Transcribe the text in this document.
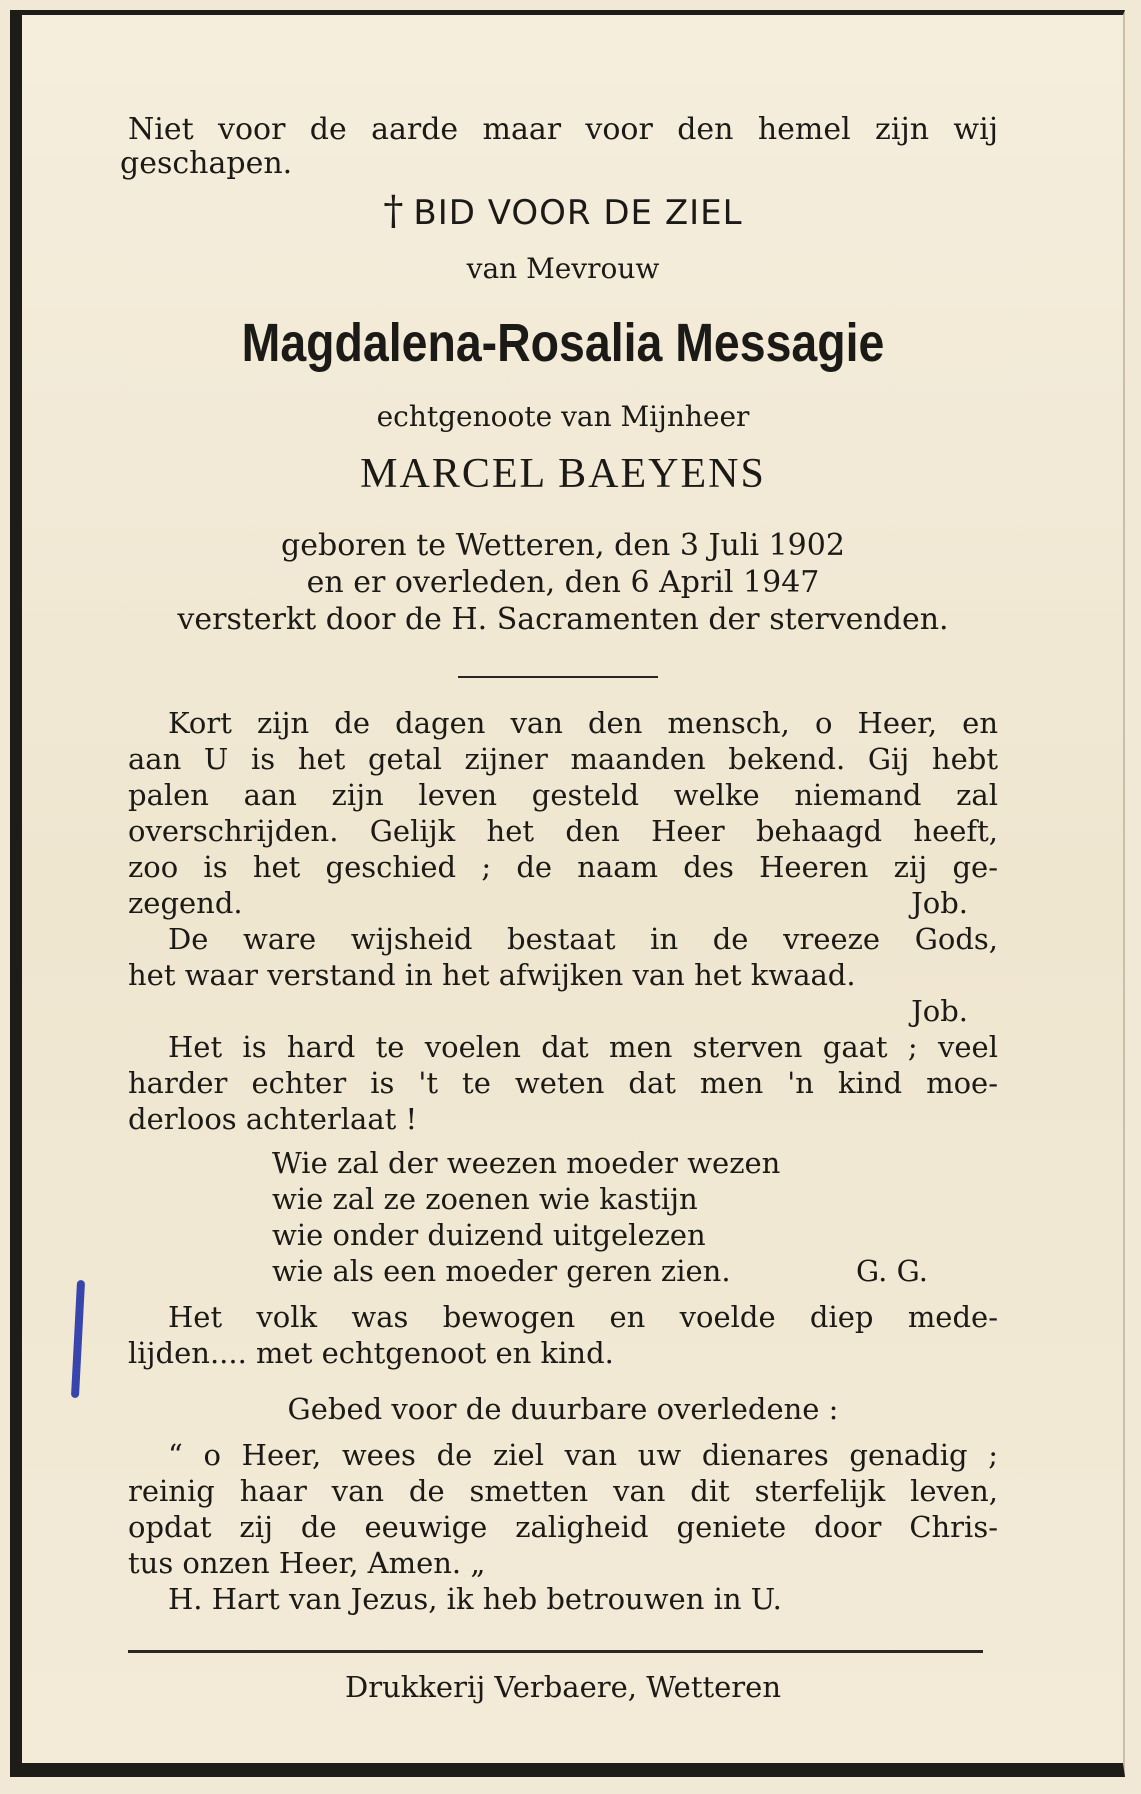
Niet voor de aarde maar voor den hemel zijn wij
geschapen.
† BID VOOR DE ZIEL
van Mevrouw
Magdalena-Rosalia Messagie
echtgenoote van Mijnheer
MARCEL BAEYENS
geboren te Wetteren, den 3 Juli 1902
en er overleden, den 6 April 1947
versterkt door de H. Sacramenten der stervenden.
Kort zijn de dagen van den mensch, o Heer, en
aan U is het getal zijner maanden bekend. Gij hebt
palen aan zijn leven gesteld welke niemand zal
overschrijden. Gelijk het den Heer behaagd heeft,
zoo is het geschied ; de naam des Heeren zij ge-
zegend.	Job.
De ware wijsheid bestaat in de vreeze Gods,
het waar verstand in het afwijken van het kwaad.
Job.
Het is hard te voelen dat men sterven gaat ; veel
harder echter is 't te weten dat men 'n kind moe-
derloos achterlaat !
Wie zal der weezen moeder wezen
wie zal ze zoenen wie kastijn
wie onder duizend uitgelezen
wie als een moeder geren zien.	G. G.
Het volk was bewogen en voelde diep mede-
lijden.... met echtgenoot en kind.
Gebed voor de duurbare overledene :
“ o Heer, wees de ziel van uw dienares genadig ;
reinig haar van de smetten van dit sterfelijk leven,
opdat zij de eeuwige zaligheid geniete door Chris-
tus onzen Heer, Amen. „
H. Hart van Jezus, ik heb betrouwen in U.
Drukkerij Verbaere, Wetteren
